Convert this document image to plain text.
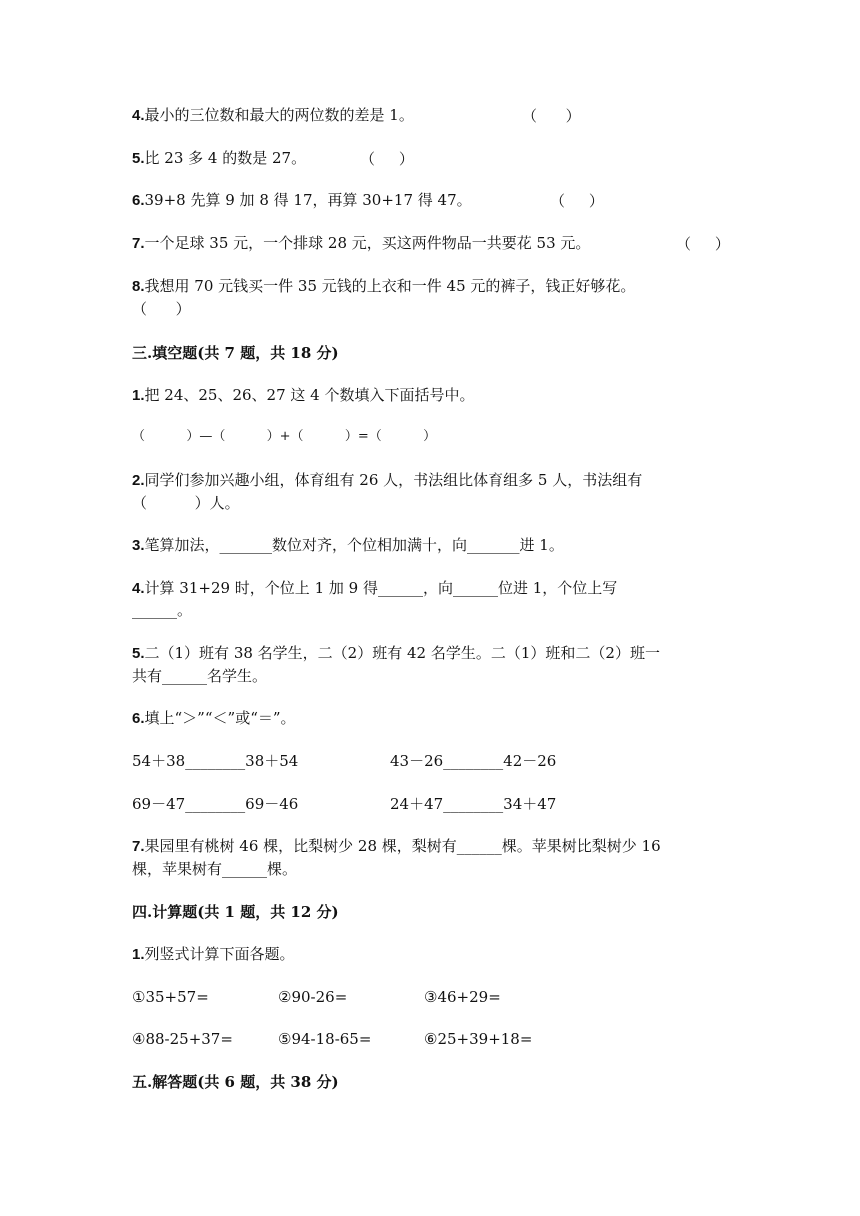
4.最小的三位数和最大的两位数的差是 1。	（      ）
5.比 23 多 4 的数是 27。	（     ）
6.39+8 先算 9 加 8 得 17，再算 30+17 得 47。	（     ）
7.一个足球 35 元，一个排球 28 元，买这两件物品一共要花 53 元。	（     ）
8.我想用 70 元钱买一件 35 元钱的上衣和一件 45 元的裤子，钱正好够花。
（      ）
三.填空题(共 7 题，共 18 分)
1.把 24、25、26、27 这 4 个数填入下面括号中。
（          ）—（          ）+（          ）=（          ）
2.同学们参加兴趣小组，体育组有 26 人，书法组比体育组多 5 人，书法组有
（          ）人。
3.笔算加法，_______数位对齐，个位相加满十，向_______进 1。
4.计算 31+29 时，个位上 1 加 9 得______，向______位进 1，个位上写
______。
5.二（1）班有 38 名学生，二（2）班有 42 名学生。二（1）班和二（2）班一
共有______名学生。
6.填上“＞”“＜”或“＝”。
54＋38________38＋54	43－26________42－26
69－47________69－46	24＋47________34＋47
7.果园里有桃树 46 棵，比梨树少 28 棵，梨树有______棵。苹果树比梨树少 16
棵，苹果树有______棵。
四.计算题(共 1 题，共 12 分)
1.列竖式计算下面各题。
①35+57=	②90-26=	③46+29=
④88-25+37=	⑤94-18-65=	⑥25+39+18=
五.解答题(共 6 题，共 38 分)
